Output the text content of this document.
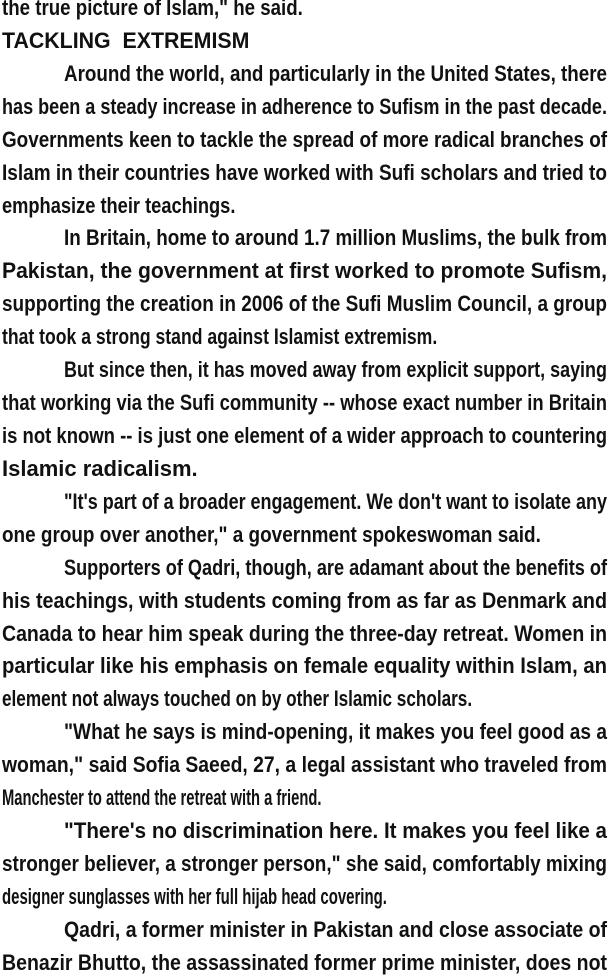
the true picture of Islam," he said.
TACKLING  EXTREMISM
Around the world, and particularly in the United States, there
has been a steady increase in adherence to Sufism in the past decade.
Governments keen to tackle the spread of more radical branches of
Islam in their countries have worked with Sufi scholars and tried to
emphasize their teachings.
In Britain, home to around 1.7 million Muslims, the bulk from
Pakistan, the government at first worked to promote Sufism,
supporting the creation in 2006 of the Sufi Muslim Council, a group
that took a strong stand against Islamist extremism.
But since then, it has moved away from explicit support, saying
that working via the Sufi community -- whose exact number in Britain
is not known -- is just one element of a wider approach to countering
Islamic radicalism.
"It's part of a broader engagement. We don't want to isolate any
one group over another," a government spokeswoman said.
Supporters of Qadri, though, are adamant about the benefits of
his teachings, with students coming from as far as Denmark and
Canada to hear him speak during the three-day retreat. Women in
particular like his emphasis on female equality within Islam, an
element not always touched on by other Islamic scholars.
"What he says is mind-opening, it makes you feel good as a
woman," said Sofia Saeed, 27, a legal assistant who traveled from
Manchester to attend the retreat with a friend.
"There's no discrimination here. It makes you feel like a
stronger believer, a stronger person," she said, comfortably mixing
designer sunglasses with her full hijab head covering.
Qadri, a former minister in Pakistan and close associate of
Benazir Bhutto, the assassinated former prime minister, does not
